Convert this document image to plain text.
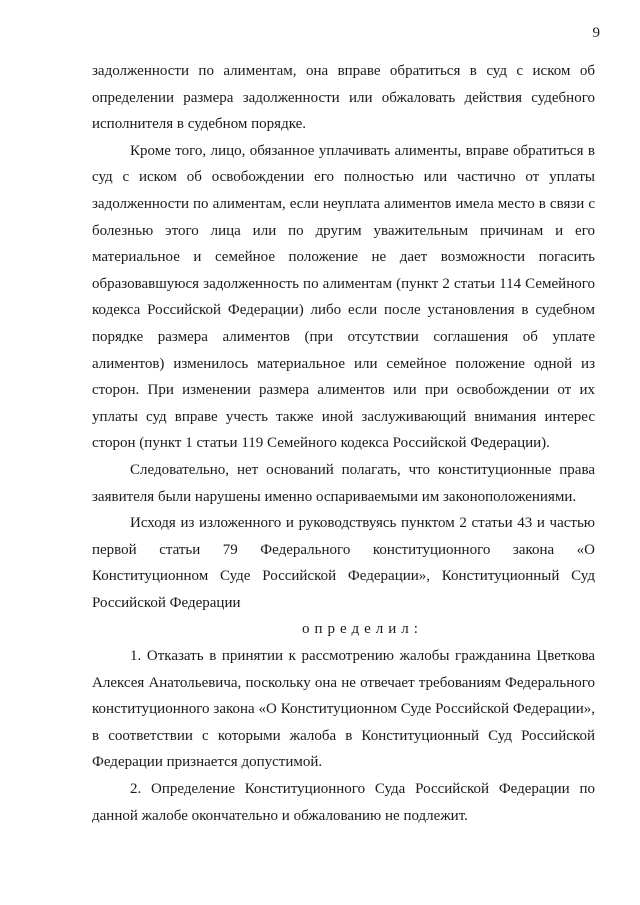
9

задолженности по алиментам, она вправе обратиться в суд с иском об определении размера задолженности или обжаловать действия судебного исполнителя в судебном порядке.

Кроме того, лицо, обязанное уплачивать алименты, вправе обратиться в суд с иском об освобождении его полностью или частично от уплаты задолженности по алиментам, если неуплата алиментов имела место в связи с болезнью этого лица или по другим уважительным причинам и его материальное и семейное положение не дает возможности погасить образовавшуюся задолженность по алиментам (пункт 2 статьи 114 Семейного кодекса Российской Федерации) либо если после установления в судебном порядке размера алиментов (при отсутствии соглашения об уплате алиментов) изменилось материальное или семейное положение одной из сторон. При изменении размера алиментов или при освобождении от их уплаты суд вправе учесть также иной заслуживающий внимания интерес сторон (пункт 1 статьи 119 Семейного кодекса Российской Федерации).

Следовательно, нет оснований полагать, что конституционные права заявителя были нарушены именно оспариваемыми им законоположениями.

Исходя из изложенного и руководствуясь пунктом 2 статьи 43 и частью первой статьи 79 Федерального конституционного закона «О Конституционном Суде Российской Федерации», Конституционный Суд Российской Федерации

определил:

1. Отказать в принятии к рассмотрению жалобы гражданина Цветкова Алексея Анатольевича, поскольку она не отвечает требованиям Федерального конституционного закона «О Конституционном Суде Российской Федерации», в соответствии с которыми жалоба в Конституционный Суд Российской Федерации признается допустимой.

2. Определение Конституционного Суда Российской Федерации по данной жалобе окончательно и обжалованию не подлежит.
